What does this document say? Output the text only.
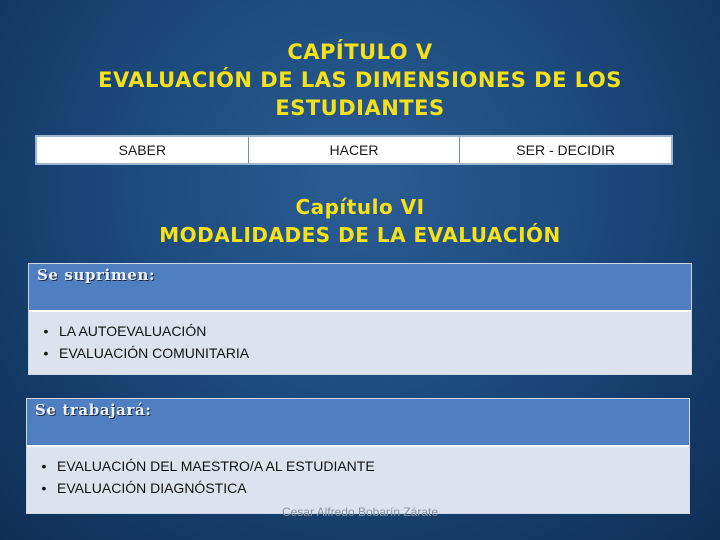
CAPÍTULO V
EVALUACIÓN DE LAS DIMENSIONES DE LOS
ESTUDIANTES
SABER	HACER	SER - DECIDIR
Capítulo VI
MODALIDADES DE LA EVALUACIÓN
Se suprimen:
• LA AUTOEVALUACIÓN
• EVALUACIÓN COMUNITARIA
Se trabajará:
• EVALUACIÓN DEL MAESTRO/A AL ESTUDIANTE
• EVALUACIÓN DIAGNÓSTICA
Cesar Alfredo Bobarín Zárate
